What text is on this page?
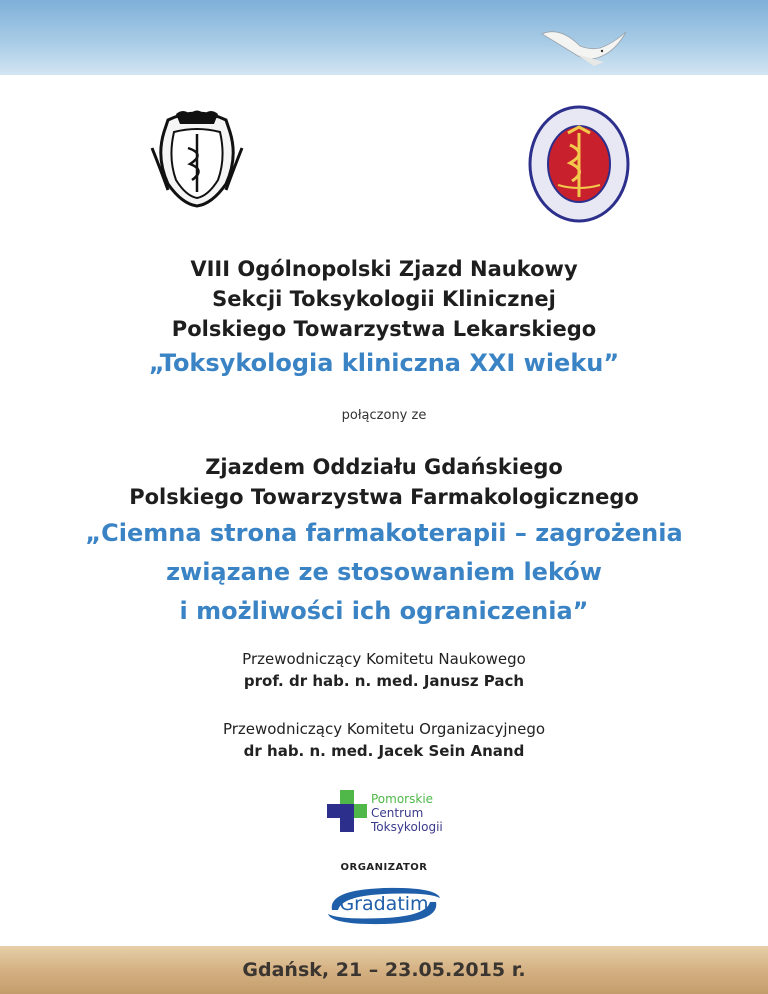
VIII Ogólnopolski Zjazd Naukowy
Sekcji Toksykologii Klinicznej
Polskiego Towarzystwa Lekarskiego
„Toksykologia kliniczna XXI wieku”
połączony ze
Zjazdem Oddziału Gdańskiego
Polskiego Towarzystwa Farmakologicznego
„Ciemna strona farmakoterapii – zagrożenia
związane ze stosowaniem leków
i możliwości ich ograniczenia”
Przewodniczący Komitetu Naukowego
prof. dr hab. n. med. Janusz Pach
Przewodniczący Komitetu Organizacyjnego
dr hab. n. med. Jacek Sein Anand
Pomorskie
Centrum
Toksykologii
ORGANIZATOR
Gradatim
Gdańsk, 21 – 23.05.2015 r.
